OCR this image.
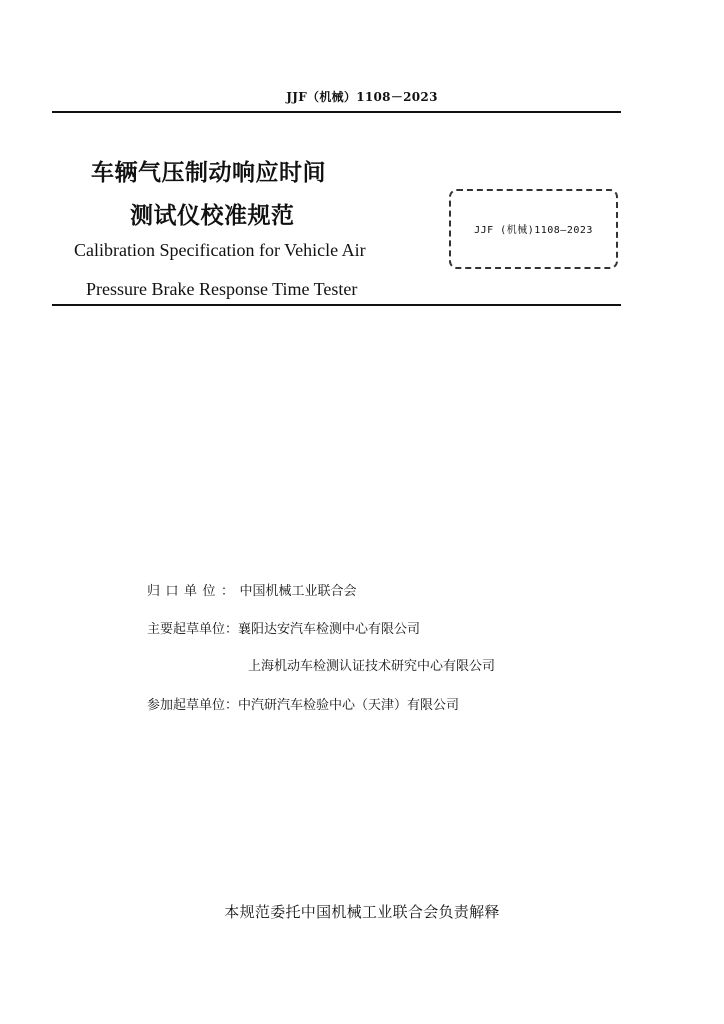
JJF（机械）1108－2023
车辆气压制动响应时间
测试仪校准规范
Calibration Specification for Vehicle Air
Pressure Brake Response Time Tester
JJF (机械)1108—2023
归口单位：中国机械工业联合会
主要起草单位：襄阳达安汽车检测中心有限公司
上海机动车检测认证技术研究中心有限公司
参加起草单位：中汽研汽车检验中心（天津）有限公司
本规范委托中国机械工业联合会负责解释
